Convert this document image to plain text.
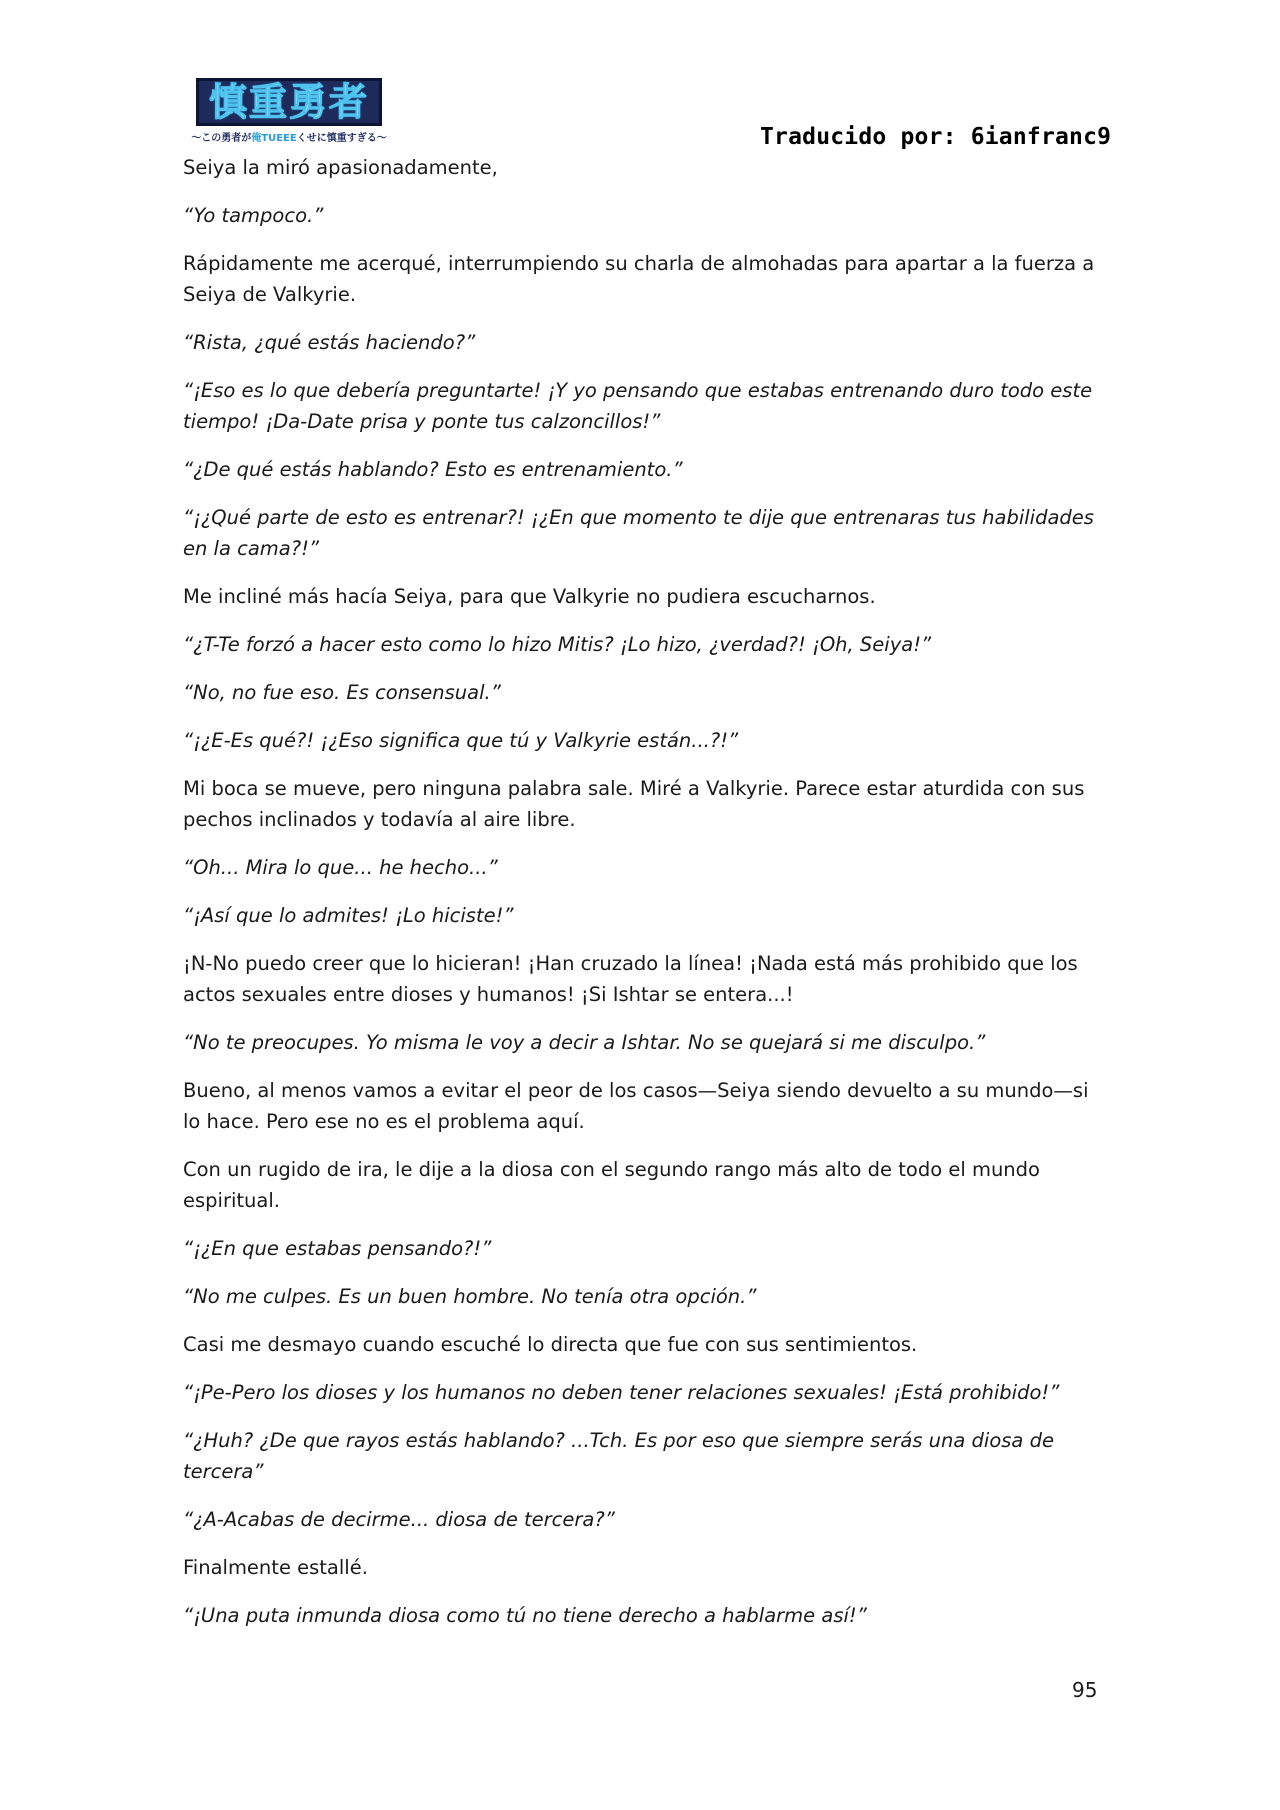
慎重勇者
〜この勇者が 俺TUEEE くせに慎重すぎる〜	Traducido por: 6ianfranc9

Seiya la miró apasionadamente,

“Yo tampoco.”

Rápidamente me acerqué, interrumpiendo su charla de almohadas para apartar a la fuerza a Seiya de Valkyrie.

“Rista, ¿qué estás haciendo?”

“¡Eso es lo que debería preguntarte! ¡Y yo pensando que estabas entrenando duro todo este tiempo! ¡Da-Date prisa y ponte tus calzoncillos!”

“¿De qué estás hablando? Esto es entrenamiento.”

“¡¿Qué parte de esto es entrenar?! ¡¿En que momento te dije que entrenaras tus habilidades en la cama?!”

Me incliné más hacía Seiya, para que Valkyrie no pudiera escucharnos.

“¿T-Te forzó a hacer esto como lo hizo Mitis? ¡Lo hizo, ¿verdad?! ¡Oh, Seiya!”

“No, no fue eso. Es consensual.”

“¡¿E-Es qué?! ¡¿Eso significa que tú y Valkyrie están...?!”

Mi boca se mueve, pero ninguna palabra sale. Miré a Valkyrie. Parece estar aturdida con sus pechos inclinados y todavía al aire libre.

“Oh... Mira lo que... he hecho...”

“¡Así que lo admites! ¡Lo hiciste!”

¡N-No puedo creer que lo hicieran! ¡Han cruzado la línea! ¡Nada está más prohibido que los actos sexuales entre dioses y humanos! ¡Si Ishtar se entera...!

“No te preocupes. Yo misma le voy a decir a Ishtar. No se quejará si me disculpo.”

Bueno, al menos vamos a evitar el peor de los casos—Seiya siendo devuelto a su mundo—si lo hace. Pero ese no es el problema aquí.

Con un rugido de ira, le dije a la diosa con el segundo rango más alto de todo el mundo espiritual.

“¡¿En que estabas pensando?!”

“No me culpes. Es un buen hombre. No tenía otra opción.”

Casi me desmayo cuando escuché lo directa que fue con sus sentimientos.

“¡Pe-Pero los dioses y los humanos no deben tener relaciones sexuales! ¡Está prohibido!”

“¿Huh? ¿De que rayos estás hablando? ...Tch. Es por eso que siempre serás una diosa de tercera”

“¿A-Acabas de decirme... diosa de tercera?”

Finalmente estallé.

“¡Una puta inmunda diosa como tú no tiene derecho a hablarme así!”

95
